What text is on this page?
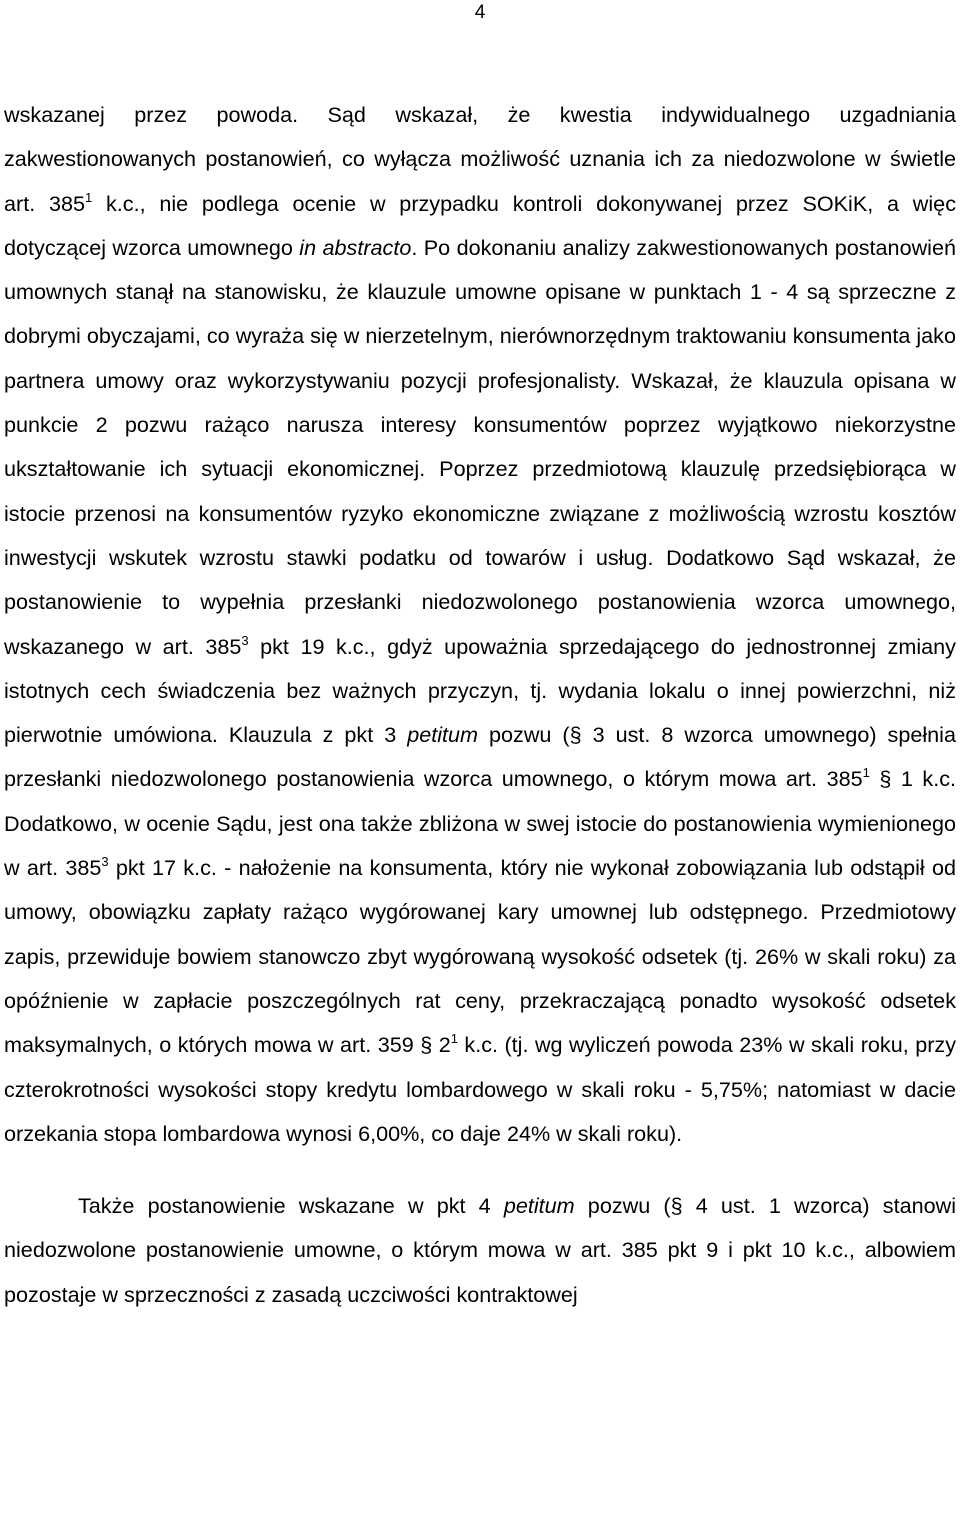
4

wskazanej przez powoda. Sąd wskazał, że kwestia indywidualnego uzgadniania zakwestionowanych postanowień, co wyłącza możliwość uznania ich za niedozwolone w świetle art. $385^1$ k.c., nie podlega ocenie w przypadku kontroli dokonywanej przez SOKiK, a więc dotyczącej wzorca umownego in abstracto. Po dokonaniu analizy zakwestionowanych postanowień umownych stanął na stanowisku, że klauzule umowne opisane w punktach 1 - 4 są sprzeczne z dobrymi obyczajami, co wyraża się w nierzetelnym, nierównorzędnym traktowaniu konsumenta jako partnera umowy oraz wykorzystywaniu pozycji profesjonalisty. Wskazał, że klauzula opisana w punkcie 2 pozwu rażąco narusza interesy konsumentów poprzez wyjątkowo niekorzystne ukształtowanie ich sytuacji ekonomicznej. Poprzez przedmiotową klauzulę przedsiębiorąca w istocie przenosi na konsumentów ryzyko ekonomiczne związane z możliwością wzrostu kosztów inwestycji wskutek wzrostu stawki podatku od towarów i usług. Dodatkowo Sąd wskazał, że postanowienie to wypełnia przesłanki niedozwolonego postanowienia wzorca umownego, wskazanego w art. $385^3$ pkt 19 k.c., gdyż upoważnia sprzedającego do jednostronnej zmiany istotnych cech świadczenia bez ważnych przyczyn, tj. wydania lokalu o innej powierzchni, niż pierwotnie umówiona. Klauzula z pkt 3 petitum pozwu (§ 3 ust. 8 wzorca umownego) spełnia przesłanki niedozwolonego postanowienia wzorca umownego, o którym mowa art. $385^1$ § 1 k.c. Dodatkowo, w ocenie Sądu, jest ona także zbliżona w swej istocie do postanowienia wymienionego w art. $385^3$ pkt 17 k.c. - nałożenie na konsumenta, który nie wykonał zobowiązania lub odstąpił od umowy, obowiązku zapłaty rażąco wygórowanej kary umownej lub odstępnego. Przedmiotowy zapis, przewiduje bowiem stanowczo zbyt wygórowaną wysokość odsetek (tj. 26% w skali roku) za opóźnienie w zapłacie poszczególnych rat ceny, przekraczającą ponadto wysokość odsetek maksymalnych, o których mowa w art. 359 § $2^1$ k.c. (tj. wg wyliczeń powoda 23% w skali roku, przy czterokrotności wysokości stopy kredytu lombardowego w skali roku - 5,75%; natomiast w dacie orzekania stopa lombardowa wynosi 6,00%, co daje 24% w skali roku).

Także postanowienie wskazane w pkt 4 petitum pozwu (§ 4 ust. 1 wzorca) stanowi niedozwolone postanowienie umowne, o którym mowa w art. 385 pkt 9 i pkt 10 k.c., albowiem pozostaje w sprzeczności z zasadą uczciwości kontraktowej
